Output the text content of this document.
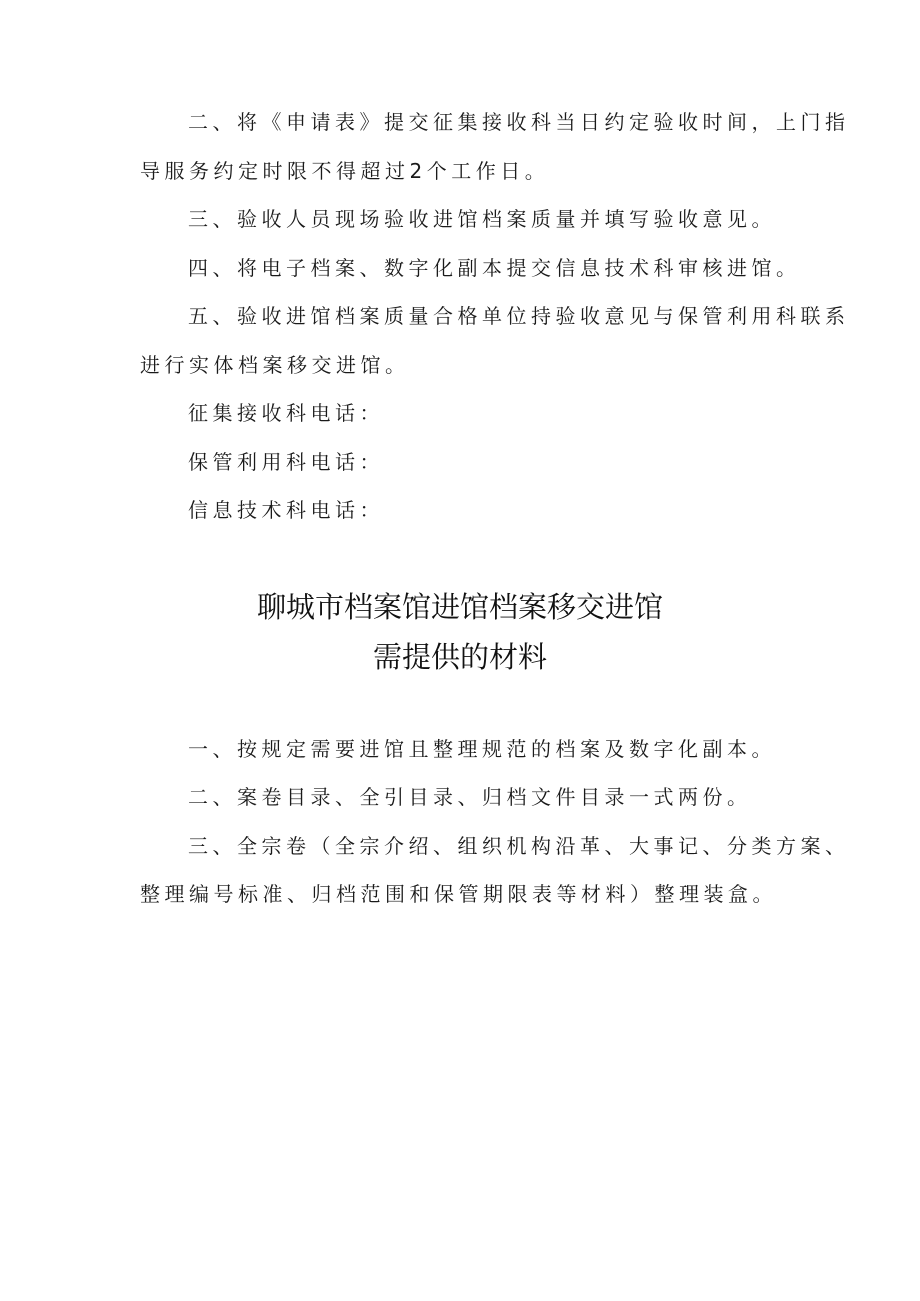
二、将《申请表》提交征集接收科当日约定验收时间，上门指

导服务约定时限不得超过2个工作日。

三、验收人员现场验收进馆档案质量并填写验收意见。

四、将电子档案、数字化副本提交信息技术科审核进馆。

五、验收进馆档案质量合格单位持验收意见与保管利用科联系

进行实体档案移交进馆。

征集接收科电话：

保管利用科电话：

信息技术科电话：

聊城市档案馆进馆档案移交进馆
需提供的材料

一、按规定需要进馆且整理规范的档案及数字化副本。

二、案卷目录、全引目录、归档文件目录一式两份。

三、全宗卷（全宗介绍、组织机构沿革、大事记、分类方案、

整理编号标准、归档范围和保管期限表等材料）整理装盒。
